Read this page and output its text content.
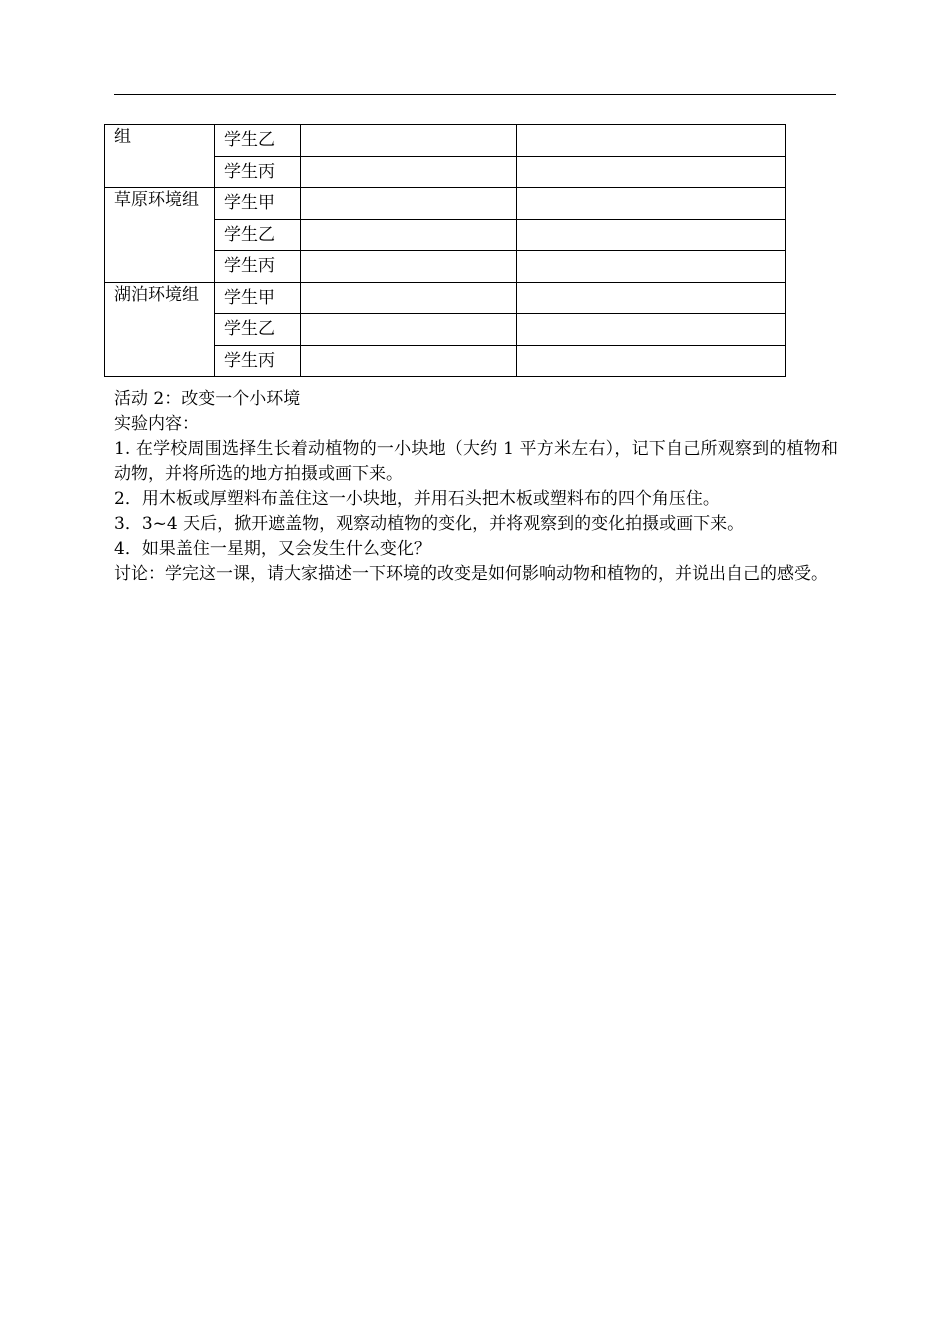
组	学生乙		
	学生丙		
草原环境组	学生甲		
	学生乙		
	学生丙		
湖泊环境组	学生甲		
	学生乙		
	学生丙		

活动 2：改变一个小环境

实验内容：

1. 在学校周围选择生长着动植物的一小块地（大约 1 平方米左右），记下自己所观察到的植物和动物，并将所选的地方拍摄或画下来。

2．用木板或厚塑料布盖住这一小块地，并用石头把木板或塑料布的四个角压住。

3．3~4 天后，掀开遮盖物，观察动植物的变化，并将观察到的变化拍摄或画下来。

4．如果盖住一星期，又会发生什么变化？

讨论：学完这一课，请大家描述一下环境的改变是如何影响动物和植物的，并说出自己的感受。
